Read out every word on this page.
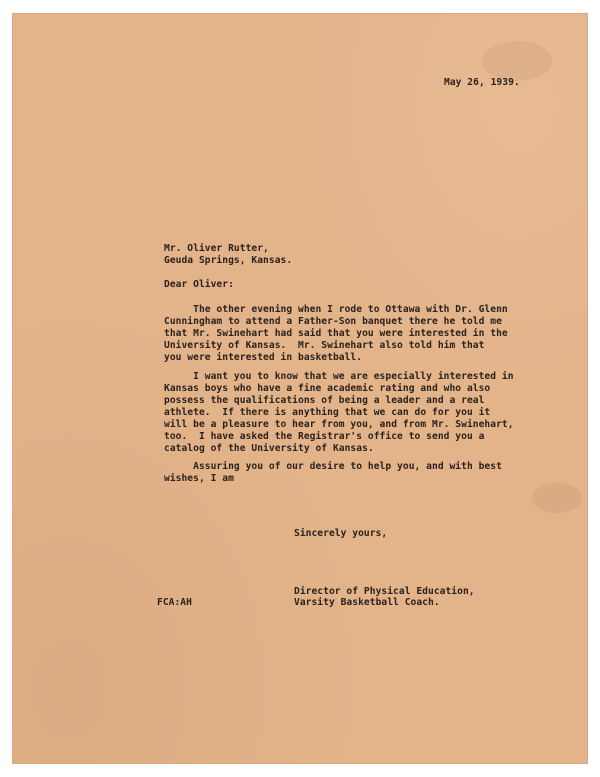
May 26, 1939.
Mr. Oliver Rutter,
Geuda Springs, Kansas.
Dear Oliver:
The other evening when I rode to Ottawa with Dr. Glenn
Cunningham to attend a Father-Son banquet there he told me
that Mr. Swinehart had said that you were interested in the
University of Kansas.  Mr. Swinehart also told him that
you were interested in basketball.
I want you to know that we are especially interested in
Kansas boys who have a fine academic rating and who also
possess the qualifications of being a leader and a real
athlete.  If there is anything that we can do for you it
will be a pleasure to hear from you, and from Mr. Swinehart,
too.  I have asked the Registrar's office to send you a
catalog of the University of Kansas.
Assuring you of our desire to help you, and with best
wishes, I am
Sincerely yours,
Director of Physical Education,
Varsity Basketball Coach.
FCA:AH
